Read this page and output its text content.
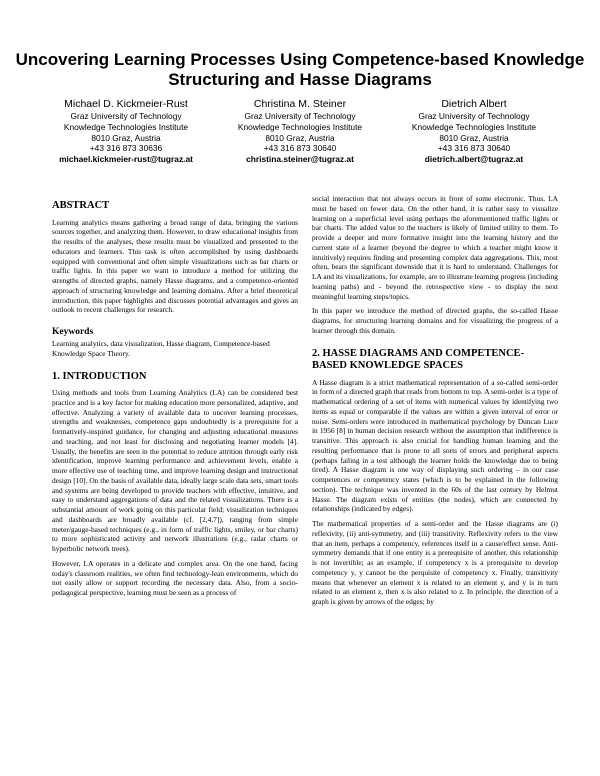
Uncovering Learning Processes Using Competence-based Knowledge Structuring and Hasse Diagrams
Michael D. Kickmeier-Rust
Graz University of Technology
Knowledge Technologies Institute
8010 Graz, Austria
+43 316 873 30636
michael.kickmeier-rust@tugraz.at
Christina M. Steiner
Graz University of Technology
Knowledge Technologies Institute
8010 Graz, Austria
+43 316 873 30640
christina.steiner@tugraz.at
Dietrich Albert
Graz University of Technology
Knowledge Technologies Institute
8010 Graz, Austria
+43 316 873 30640
dietrich.albert@tugraz.at
ABSTRACT

Learning analytics means gathering a broad range of data, bringing the various sources together, and analyzing them. However, to draw educational insights from the results of the analyses, these results must be visualized and presented to the educators and learners. This task is often accomplished by using dashboards equipped with conventional and often simple visualizations such as bar charts or traffic lights. In this paper we want to introduce a method for utilizing the strengths of directed graphs, namely Hasse diagrams, and a competence-oriented approach of structuring knowledge and learning domains. After a brief theoretical introduction, this paper highlights and discusses potential advantages and gives an outlook to recent challenges for research.

Keywords

Learning analytics, data visualization, Hasse diagram, Competence-based Knowledge Space Theory.

1. INTRODUCTION

Using methods and tools from Learning Analytics (LA) can be considered best practice and is a key factor for making education more personalized, adaptive, and effective. Analyzing a variety of available data to uncover learning processes, strengths and weaknesses, competence gaps undoubtedly is a prerequisite for a formatively-inspired guidance, for changing and adjusting educational measures and teaching, and not least for disclosing and negotiating learner models [4]. Usually, the benefits are seen in the potential to reduce attrition through early risk identification, improve learning performance and achievement levels, enable a more effective use of teaching time, and improve learning design and instructional design [10]. On the basis of available data, ideally large scale data sets, smart tools and systems are being developed to provide teachers with effective, intuitive, and easy to understand aggregations of data and the related visualizations. There is a substantial amount of work going on this particular field; visualization techniques and dashboards are broadly available (cf. [2,4,7]), ranging from simple meter/gauge-based techniques (e.g., in form of traffic lights, smiley, or bar charts) to more sophisticated activity and network illustrations (e.g., radar charts or hyperbolic network trees).

However, LA operates in a delicate and complex area. On the one hand, facing today's classroom realities, we often find technology-lean environments, which do not easily allow or support recording the necessary data. Also, from a socio-pedagogical perspective, learning must be seen as a process of

social interaction that not always occurs in front of some electronic. Thus, LA must be based on fewer data. On the other hand, it is rather easy to visualize learning on a superficial level using perhaps the aforementioned traffic lights or bar charts. The added value to the teachers is likely of limited utility to them. To provide a deeper and more formative insight into the learning history and the current state of a learner (beyond the degree to which a teacher might know it intuitively) requires finding and presenting complex data aggregations. This, most often, bears the significant downside that it is hard to understand. Challenges for LA and its visualizations, for example, are to illustrate learning progress (including learning paths) and - beyond the retrospective view - to display the next meaningful learning steps/topics.

In this paper we introduce the method of directed graphs, the so-called Hasse diagrams, for structuring learning domains and for visualizing the progress of a learner through this domain.

2. HASSE DIAGRAMS AND COMPETENCE-BASED KNOWLEDGE SPACES

A Hasse diagram is a strict mathematical representation of a so-called semi-order in form of a directed graph that reads from bottom to top. A semi-order is a type of mathematical ordering of a set of items with numerical values by identifying two items as equal or comparable if the values are within a given interval of error or noise. Semi-orders were introduced in mathematical psychology by Duncan Luce in 1956 [8] in human decision research without the assumption that indifference is transitive. This approach is also crucial for handling human learning and the resulting performance that is prone to all sorts of errors and peripheral aspects (perhaps failing in a test although the learner holds the knowledge due to being tired). A Hasse diagram is one way of displaying such ordering – in our case competences or competency states (which is to be explained in the following section). The technique was invented in the 60s of the last century by Helmut Hasse. The diagram exists of entities (the nodes), which are connected by relationships (indicated by edges).

The mathematical properties of a semi-order and the Hasse diagrams are (i) reflexivity, (ii) anti-symmetry, and (iii) transitivity. Reflexivity refers to the view that an item, perhaps a competency, references itself in a cause/effect sense. Anti-symmetry demands that if one entity is a prerequisite of another, this relationship is not invertible; as an example, if competency x is a prerequisite to develop competency y, y cannot be the perquisite of competency x. Finally, transitivity means that whenever an element x is related to an element y, and y is in turn related to an element z, then x is also related to z. In principle, the direction of a graph is given by arrows of the edges; by
